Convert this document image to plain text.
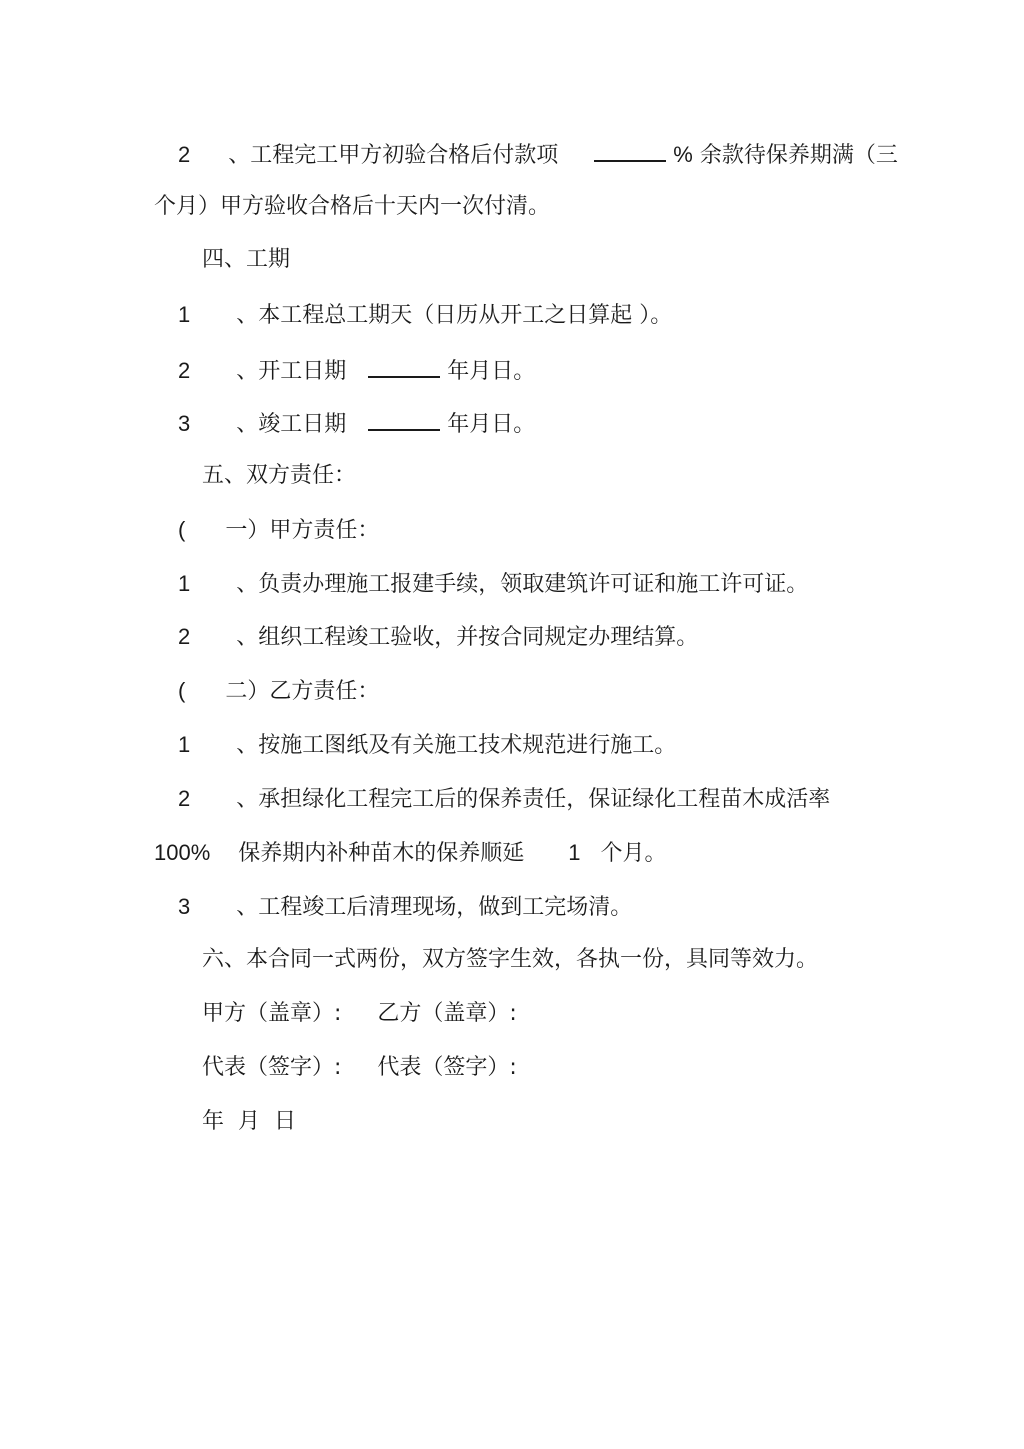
2 、工程完工甲方初验合格后付款项	% 余款待保养期满（三
个月）甲方验收合格后十天内一次付清。
四、工期
1 、本工程总工期天（日历从开工之日算起 ）。
2 、开工日期	年月日。
3 、竣工日期	年月日。
五、双方责任：
( 一）甲方责任：
1 、负责办理施工报建手续，领取建筑许可证和施工许可证。
2 、组织工程竣工验收，并按合同规定办理结算。
( 二）乙方责任：
1 、按施工图纸及有关施工技术规范进行施工。
2 、承担绿化工程完工后的保养责任，保证绿化工程苗木成活率
100% 保养期内补种苗木的保养顺延 1 个月。
3 、工程竣工后清理现场，做到工完场清。
六、本合同一式两份，双方签字生效，各执一份，具同等效力。
甲方（盖章）: 乙方（盖章）:
代表（签字）: 代表（签字）:
年  月  日
